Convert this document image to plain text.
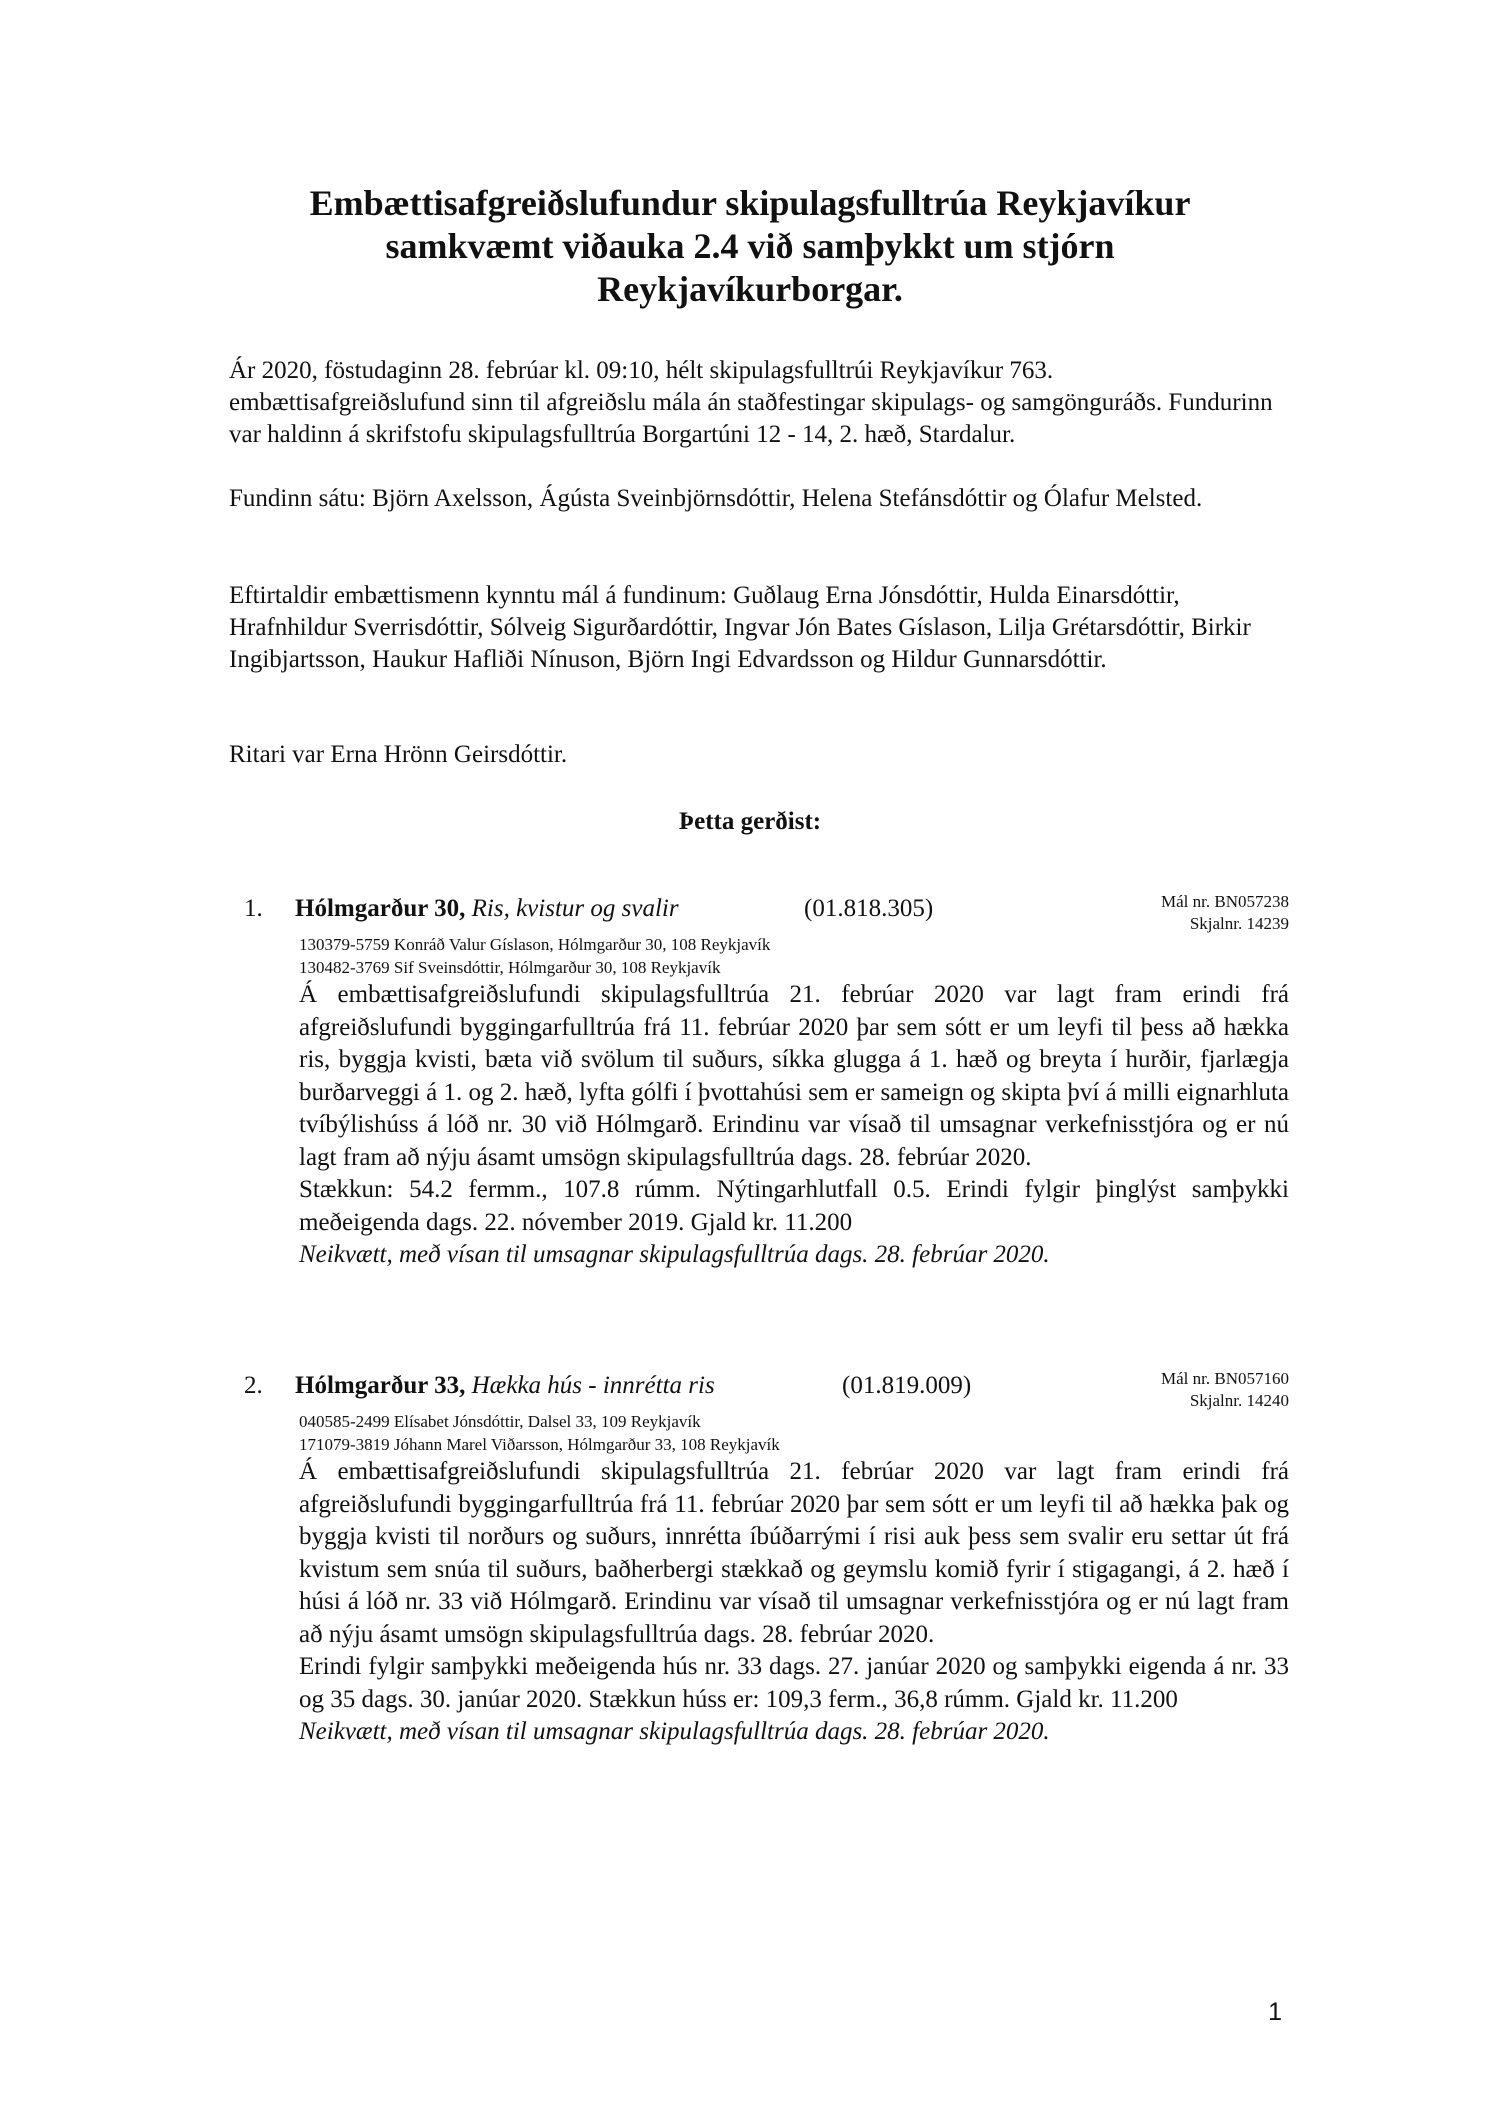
Embættisafgreiðslufundur skipulagsfulltrúa Reykjavíkur
samkvæmt viðauka 2.4 við samþykkt um stjórn
Reykjavíkurborgar.
Ár 2020, föstudaginn 28. febrúar kl. 09:10, hélt skipulagsfulltrúi Reykjavíkur 763. embættisafgreiðslufund sinn til afgreiðslu mála án staðfestingar skipulags- og samgönguráðs. Fundurinn var haldinn á skrifstofu skipulagsfulltrúa Borgartúni 12 - 14, 2. hæð, Stardalur.
Fundinn sátu: Björn Axelsson, Ágústa Sveinbjörnsdóttir, Helena Stefánsdóttir og Ólafur Melsted.
Eftirtaldir embættismenn kynntu mál á fundinum: Guðlaug Erna Jónsdóttir, Hulda Einarsdóttir, Hrafnhildur Sverrisdóttir, Sólveig Sigurðardóttir, Ingvar Jón Bates Gíslason, Lilja Grétarsdóttir, Birkir Ingibjartsson, Haukur Hafliði Nínuson, Björn Ingi Edvardsson og Hildur Gunnarsdóttir.
Ritari var Erna Hrönn Geirsdóttir.
Þetta gerðist:
1. Hólmgarður 30, Ris, kvistur og svalir	(01.818.305)	Mál nr. BN057238
Skjalnr. 14239
130379-5759 Konráð Valur Gíslason, Hólmgarður 30, 108 Reykjavík
130482-3769 Sif Sveinsdóttir, Hólmgarður 30, 108 Reykjavík

Á embættisafgreiðslufundi skipulagsfulltrúa 21. febrúar 2020 var lagt fram erindi frá afgreiðslufundi byggingarfulltrúa frá 11. febrúar 2020 þar sem sótt er um leyfi til þess að hækka ris, byggja kvisti, bæta við svölum til suðurs, síkka glugga á 1. hæð og breyta í hurðir, fjarlægja burðarveggi á 1. og 2. hæð, lyfta gólfi í þvottahúsi sem er sameign og skipta því á milli eignarhluta tvíbýlishúss á lóð nr. 30 við Hólmgarð. Erindinu var vísað til umsagnar verkefnisstjóra og er nú lagt fram að nýju ásamt umsögn skipulagsfulltrúa dags. 28. febrúar 2020.

Stækkun: 54.2 fermm., 107.8 rúmm. Nýtingarhlutfall 0.5. Erindi fylgir þinglýst samþykki meðeigenda dags. 22. nóvember 2019. Gjald kr. 11.200

Neikvætt, með vísan til umsagnar skipulagsfulltrúa dags. 28. febrúar 2020.
2. Hólmgarður 33, Hækka hús - innrétta ris	(01.819.009)	Mál nr. BN057160
Skjalnr. 14240
040585-2499 Elísabet Jónsdóttir, Dalsel 33, 109 Reykjavík
171079-3819 Jóhann Marel Viðarsson, Hólmgarður 33, 108 Reykjavík

Á embættisafgreiðslufundi skipulagsfulltrúa 21. febrúar 2020 var lagt fram erindi frá afgreiðslufundi byggingarfulltrúa frá 11. febrúar 2020 þar sem sótt er um leyfi til að hækka þak og byggja kvisti til norðurs og suðurs, innrétta íbúðarrými í risi auk þess sem svalir eru settar út frá kvistum sem snúa til suðurs, baðherbergi stækkað og geymslu komið fyrir í stigagangi, á 2. hæð í húsi á lóð nr. 33 við Hólmgarð. Erindinu var vísað til umsagnar verkefnisstjóra og er nú lagt fram að nýju ásamt umsögn skipulagsfulltrúa dags. 28. febrúar 2020.

Erindi fylgir samþykki meðeigenda hús nr. 33 dags. 27. janúar 2020 og samþykki eigenda á nr. 33 og 35 dags. 30. janúar 2020. Stækkun húss er: 109,3 ferm., 36,8 rúmm. Gjald kr. 11.200

Neikvætt, með vísan til umsagnar skipulagsfulltrúa dags. 28. febrúar 2020.
1
